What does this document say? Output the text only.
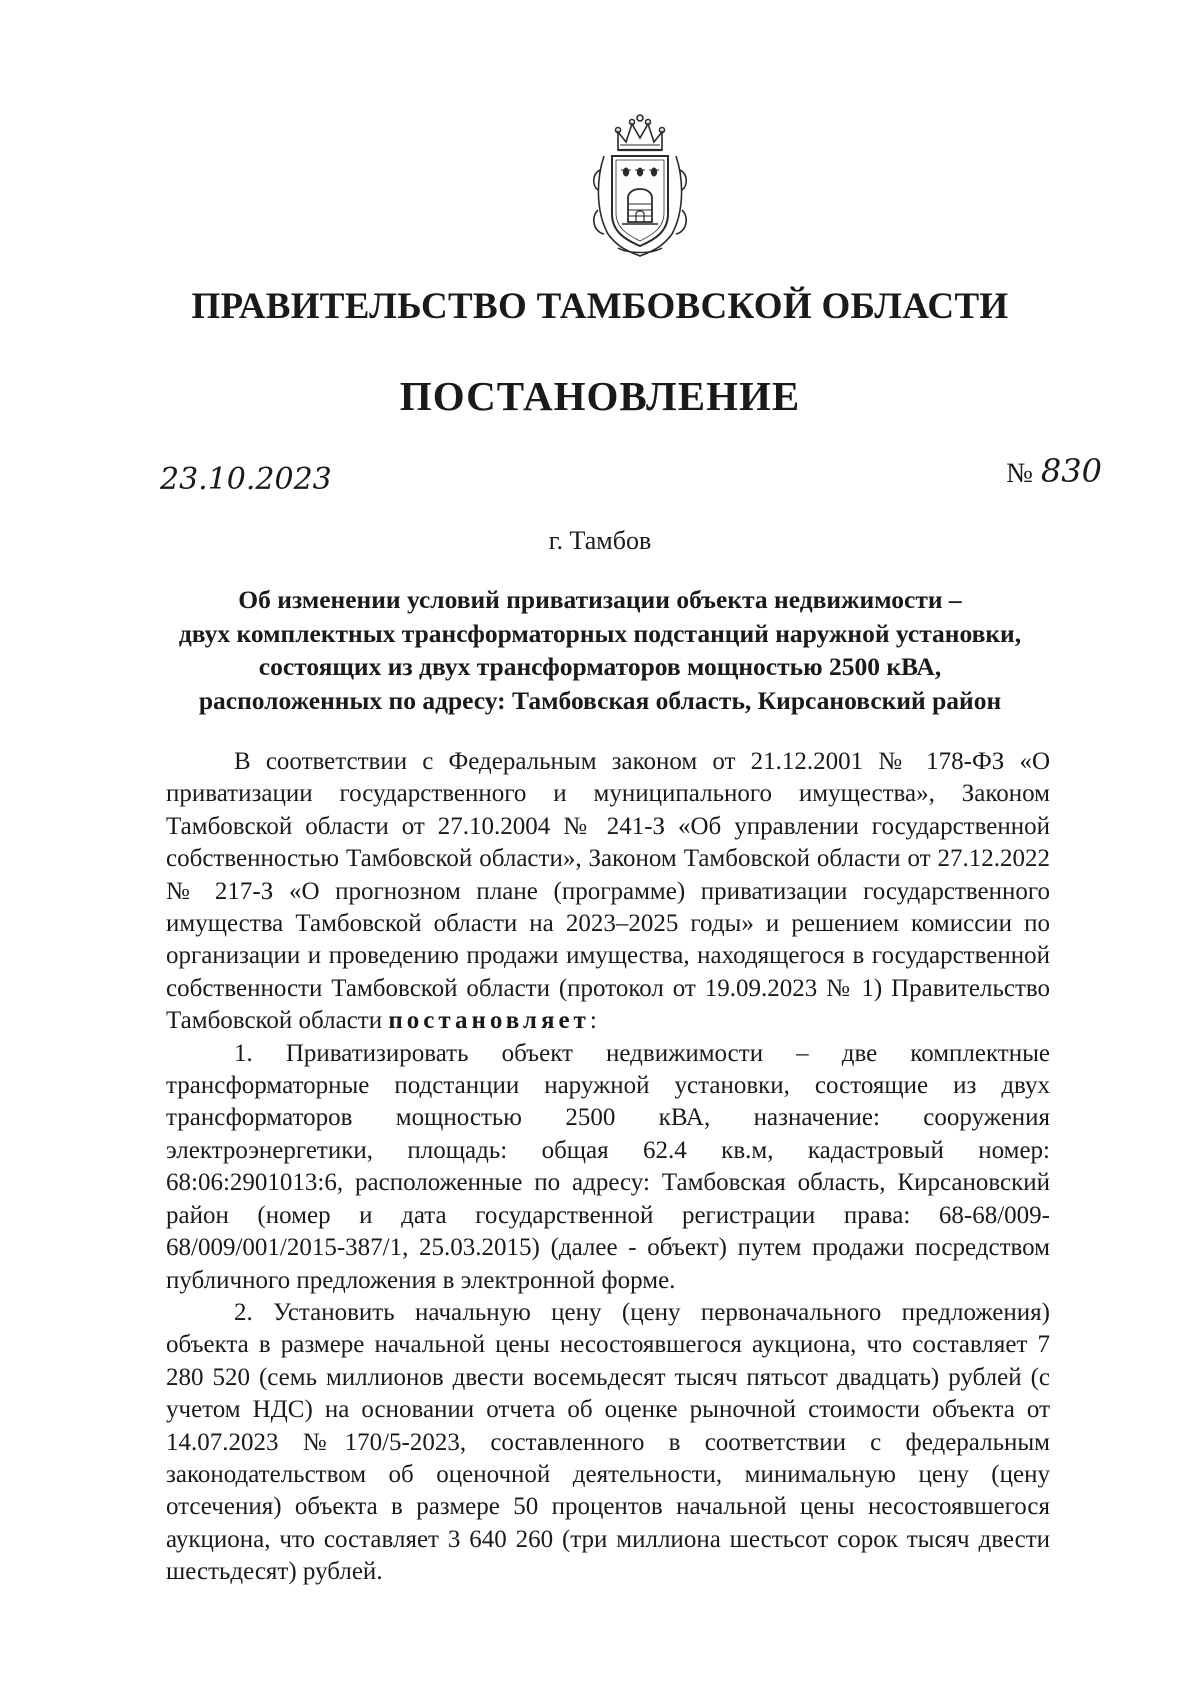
ПРАВИТЕЛЬСТВО ТАМБОВСКОЙ ОБЛАСТИ
ПОСТАНОВЛЕНИЕ
23.10.2023	№ 830
г. Тамбов
Об изменении условий приватизации объекта недвижимости –
двух комплектных трансформаторных подстанций наружной установки,
состоящих из двух трансформаторов мощностью 2500 кВА,
расположенных по адресу: Тамбовская область, Кирсановский район

В соответствии с Федеральным законом от 21.12.2001 № 178-ФЗ «О приватизации государственного и муниципального имущества», Законом Тамбовской области от 27.10.2004 № 241-З «Об управлении государственной собственностью Тамбовской области», Законом Тамбовской области от 27.12.2022 № 217-З «О прогнозном плане (программе) приватизации государственного имущества Тамбовской области на 2023–2025 годы» и решением комиссии по организации и проведению продажи имущества, находящегося в государственной собственности Тамбовской области (протокол от 19.09.2023 № 1) Правительство Тамбовской области постановляет:

1. Приватизировать объект недвижимости – две комплектные трансформаторные подстанции наружной установки, состоящие из двух трансформаторов мощностью 2500 кВА, назначение: сооружения электроэнергетики, площадь: общая 62.4 кв.м, кадастровый номер: 68:06:2901013:6, расположенные по адресу: Тамбовская область, Кирсановский район (номер и дата государственной регистрации права: 68-68/009-68/009/001/2015-387/1, 25.03.2015) (далее - объект) путем продажи посредством публичного предложения в электронной форме.

2. Установить начальную цену (цену первоначального предложения) объекта в размере начальной цены несостоявшегося аукциона, что составляет 7 280 520 (семь миллионов двести восемьдесят тысяч пятьсот двадцать) рублей (с учетом НДС) на основании отчета об оценке рыночной стоимости объекта от 14.07.2023 №170/5-2023, составленного в соответствии с федеральным законодательством об оценочной деятельности, минимальную цену (цену отсечения) объекта в размере 50 процентов начальной цены несостоявшегося аукциона, что составляет 3 640 260 (три миллиона шестьсот сорок тысяч двести шестьдесят) рублей.
